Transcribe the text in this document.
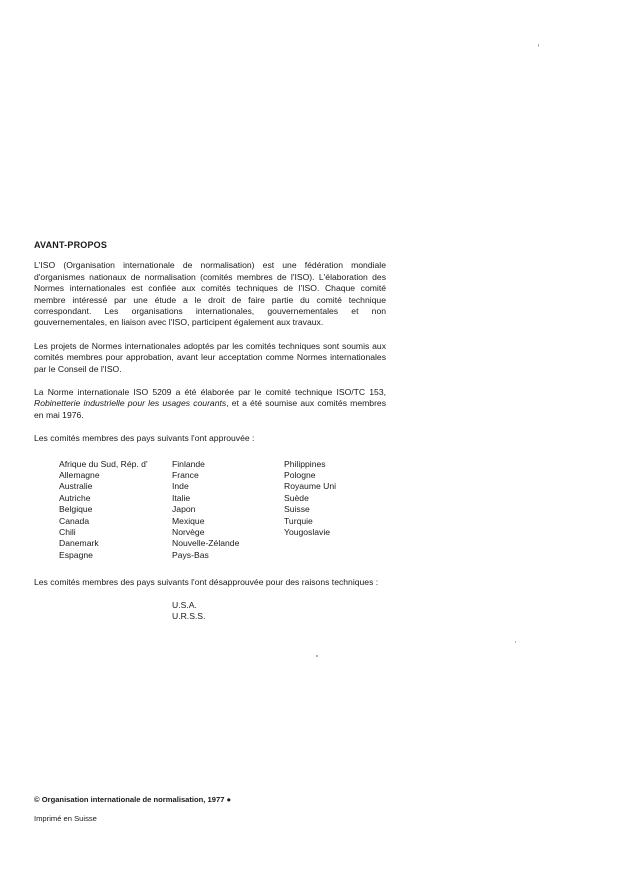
AVANT-PROPOS

L'ISO (Organisation internationale de normalisation) est une fédération mondiale d'organismes nationaux de normalisation (comités membres de l'ISO). L'élaboration des Normes internationales est confiée aux comités techniques de l'ISO. Chaque comité membre intéressé par une étude a le droit de faire partie du comité technique correspondant. Les organisations internationales, gouvernementales et non gouvernementales, en liaison avec l'ISO, participent également aux travaux.

Les projets de Normes internationales adoptés par les comités techniques sont soumis aux comités membres pour approbation, avant leur acceptation comme Normes internationales par le Conseil de l'ISO.

La Norme internationale ISO 5209 a été élaborée par le comité technique ISO/TC 153, Robinetterie industrielle pour les usages courants, et a été soumise aux comités membres en mai 1976.

Les comités membres des pays suivants l'ont approuvée :

Afrique du Sud, Rép. d'
Allemagne
Australie
Autriche
Belgique
Canada
Chili
Danemark
Espagne
Finlande
France
Inde
Italie
Japon
Mexique
Norvège
Nouvelle-Zélande
Pays-Bas
Philippines
Pologne
Royaume Uni
Suède
Suisse
Turquie
Yougoslavie

Les comités membres des pays suivants l'ont désapprouvée pour des raisons techniques :

U.S.A.
U.R.S.S.
© Organisation internationale de normalisation, 1977 ●
Imprimé en Suisse
